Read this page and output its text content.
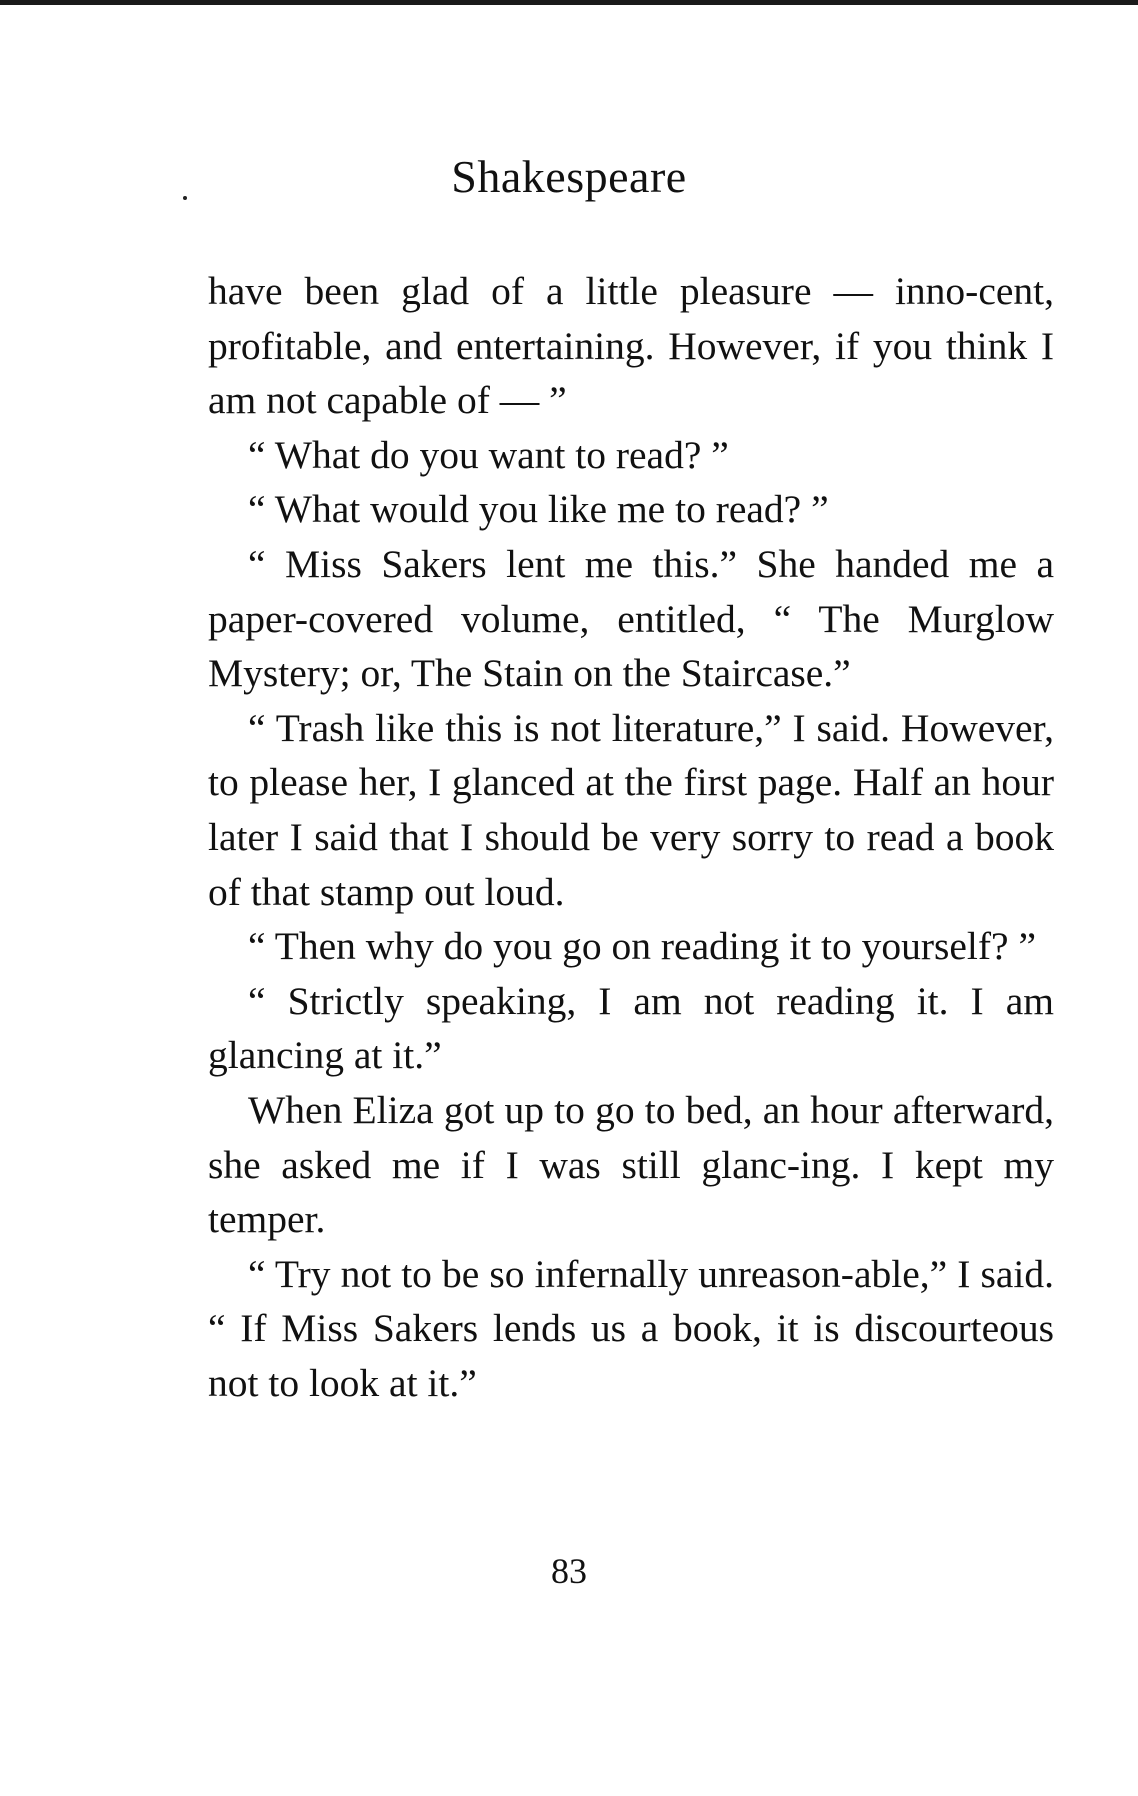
Shakespeare

have been glad of a little pleasure — inno-cent, profitable, and entertaining. However, if you think I am not capable of — ”

“ What do you want to read? ”

“ What would you like me to read? ”

“ Miss Sakers lent me this.” She handed me a paper-covered volume, entitled, “ The Murglow Mystery; or, The Stain on the Staircase.”

“ Trash like this is not literature,” I said. However, to please her, I glanced at the first page. Half an hour later I said that I should be very sorry to read a book of that stamp out loud.

“ Then why do you go on reading it to yourself? ”

“ Strictly speaking, I am not reading it. I am glancing at it.”

When Eliza got up to go to bed, an hour afterward, she asked me if I was still glanc-ing. I kept my temper.

“ Try not to be so infernally unreason-able,” I said. “ If Miss Sakers lends us a book, it is discourteous not to look at it.”

83
